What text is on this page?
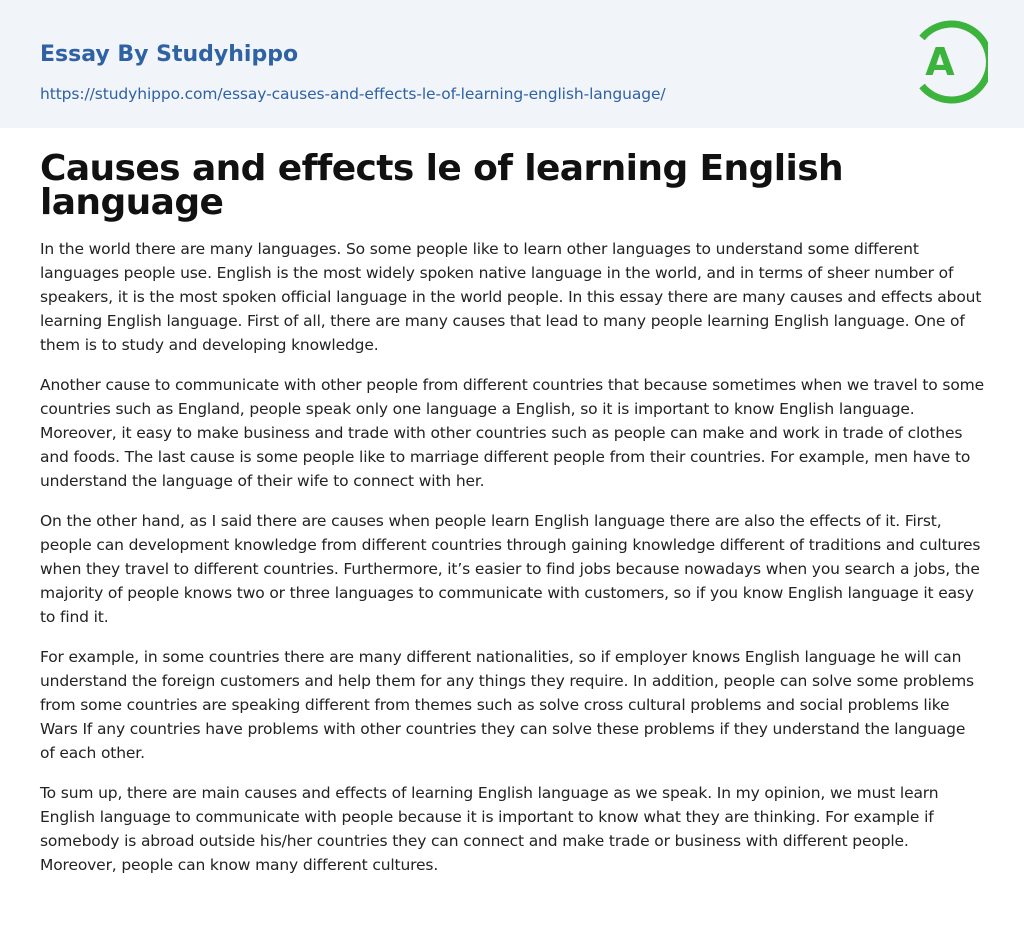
Essay By Studyhippo
https://studyhippo.com/essay-causes-and-effects-le-of-learning-english-language/
A
Causes and effects le of learning English language

In the world there are many languages. So some people like to learn other languages to understand some different languages people use. English is the most widely spoken native language in the world, and in terms of sheer number of speakers, it is the most spoken official language in the world people. In this essay there are many causes and effects about learning English language. First of all, there are many causes that lead to many people learning English language. One of them is to study and developing knowledge.

Another cause to communicate with other people from different countries that because sometimes when we travel to some countries such as England, people speak only one language a English, so it is important to know English language. Moreover, it easy to make business and trade with other countries such as people can make and work in trade of clothes and foods. The last cause is some people like to marriage different people from their countries. For example, men have to understand the language of their wife to connect with her.

On the other hand, as I said there are causes when people learn English language there are also the effects of it. First, people can development knowledge from different countries through gaining knowledge different of traditions and cultures when they travel to different countries. Furthermore, it’s easier to find jobs because nowadays when you search a jobs, the majority of people knows two or three languages to communicate with customers, so if you know English language it easy to find it.

For example, in some countries there are many different nationalities, so if employer knows English language he will can understand the foreign customers and help them for any things they require. In addition, people can solve some problems from some countries are speaking different from themes such as solve cross cultural problems and social problems like Wars If any countries have problems with other countries they can solve these problems if they understand the language of each other.

To sum up, there are main causes and effects of learning English language as we speak. In my opinion, we must learn English language to communicate with people because it is important to know what they are thinking. For example if somebody is abroad outside his/her countries they can connect and make trade or business with different people. Moreover, people can know many different cultures.
